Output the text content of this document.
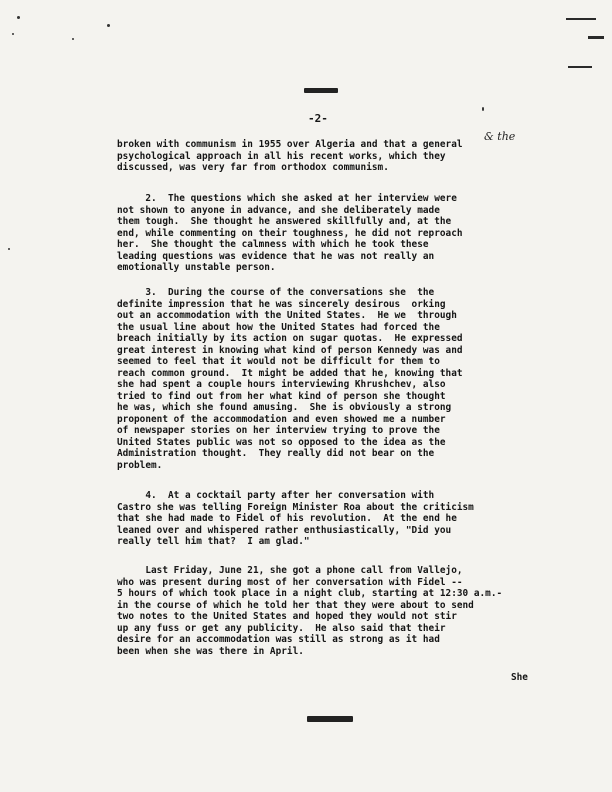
-2-
& the
broken with communism in 1955 over Algeria and that a general
psychological approach in all his recent works, which they
discussed, was very far from orthodox communism.
2.  The questions which she asked at her interview were
not shown to anyone in advance, and she deliberately made
them tough.  She thought he answered skillfully and, at the
end, while commenting on their toughness, he did not reproach
her.  She thought the calmness with which he took these
leading questions was evidence that he was not really an
emotionally unstable person.
3.  During the course of the conversations she  the
definite impression that he was sincerely desirous  orking
out an accommodation with the United States.  He we  through
the usual line about how the United States had forced the
breach initially by its action on sugar quotas.  He expressed
great interest in knowing what kind of person Kennedy was and
seemed to feel that it would not be difficult for them to
reach common ground.  It might be added that he, knowing that
she had spent a couple hours interviewing Khrushchev, also
tried to find out from her what kind of person she thought
he was, which she found amusing.  She is obviously a strong
proponent of the accommodation and even showed me a number
of newspaper stories on her interview trying to prove the
United States public was not so opposed to the idea as the
Administration thought.  They really did not bear on the
problem.
4.  At a cocktail party after her conversation with
Castro she was telling Foreign Minister Roa about the criticism
that she had made to Fidel of his revolution.  At the end he
leaned over and whispered rather enthusiastically, "Did you
really tell him that?  I am glad."
Last Friday, June 21, she got a phone call from Vallejo,
who was present during most of her conversation with Fidel --
5 hours of which took place in a night club, starting at 12:30 a.m.-
in the course of which he told her that they were about to send
two notes to the United States and hoped they would not stir
up any fuss or get any publicity.  He also said that their
desire for an accommodation was still as strong as it had
been when she was there in April.
She
